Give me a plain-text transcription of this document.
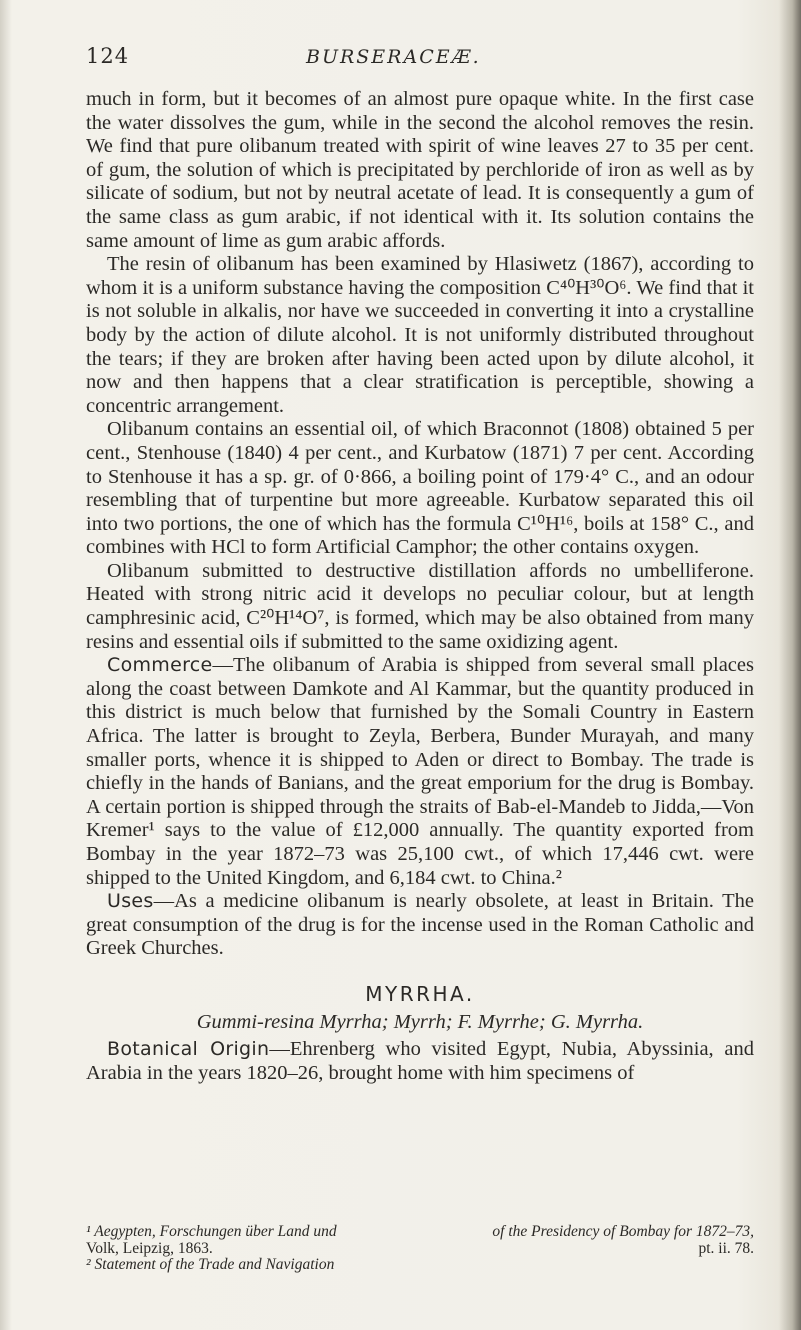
124	BURSERACEÆ.

much in form, but it becomes of an almost pure opaque white. In the first case the water dissolves the gum, while in the second the alcohol removes the resin. We find that pure olibanum treated with spirit of wine leaves 27 to 35 per cent. of gum, the solution of which is precipitated by perchloride of iron as well as by silicate of sodium, but not by neutral acetate of lead. It is consequently a gum of the same class as gum arabic, if not identical with it. Its solution contains the same amount of lime as gum arabic affords.

The resin of olibanum has been examined by Hlasiwetz (1867), according to whom it is a uniform substance having the composition C⁴⁰H³⁰O⁶. We find that it is not soluble in alkalis, nor have we succeeded in converting it into a crystalline body by the action of dilute alcohol. It is not uniformly distributed throughout the tears; if they are broken after having been acted upon by dilute alcohol, it now and then happens that a clear stratification is perceptible, showing a concentric arrangement.

Olibanum contains an essential oil, of which Braconnot (1808) obtained 5 per cent., Stenhouse (1840) 4 per cent., and Kurbatow (1871) 7 per cent. According to Stenhouse it has a sp. gr. of 0·866, a boiling point of 179·4° C., and an odour resembling that of turpentine but more agreeable. Kurbatow separated this oil into two portions, the one of which has the formula C¹⁰H¹⁶, boils at 158° C., and combines with HCl to form Artificial Camphor; the other contains oxygen.

Olibanum submitted to destructive distillation affords no umbelliferone. Heated with strong nitric acid it develops no peculiar colour, but at length camphresinic acid, C²⁰H¹⁴O⁷, is formed, which may be also obtained from many resins and essential oils if submitted to the same oxidizing agent.

Commerce—The olibanum of Arabia is shipped from several small places along the coast between Damkote and Al Kammar, but the quantity produced in this district is much below that furnished by the Somali Country in Eastern Africa. The latter is brought to Zeyla, Berbera, Bunder Murayah, and many smaller ports, whence it is shipped to Aden or direct to Bombay. The trade is chiefly in the hands of Banians, and the great emporium for the drug is Bombay. A certain portion is shipped through the straits of Bab-el-Mandeb to Jidda,—Von Kremer¹ says to the value of £12,000 annually. The quantity exported from Bombay in the year 1872–73 was 25,100 cwt., of which 17,446 cwt. were shipped to the United Kingdom, and 6,184 cwt. to China.²

Uses—As a medicine olibanum is nearly obsolete, at least in Britain. The great consumption of the drug is for the incense used in the Roman Catholic and Greek Churches.

MYRRHA.

Gummi-resina Myrrha; Myrrh; F. Myrrhe; G. Myrrha.

Botanical Origin—Ehrenberg who visited Egypt, Nubia, Abyssinia, and Arabia in the years 1820–26, brought home with him specimens of

¹ Aegypten, Forschungen über Land und	of the Presidency of Bombay for 1872–73,
Volk, Leipzig, 1863.	pt. ii. 78.
² Statement of the Trade and Navigation
